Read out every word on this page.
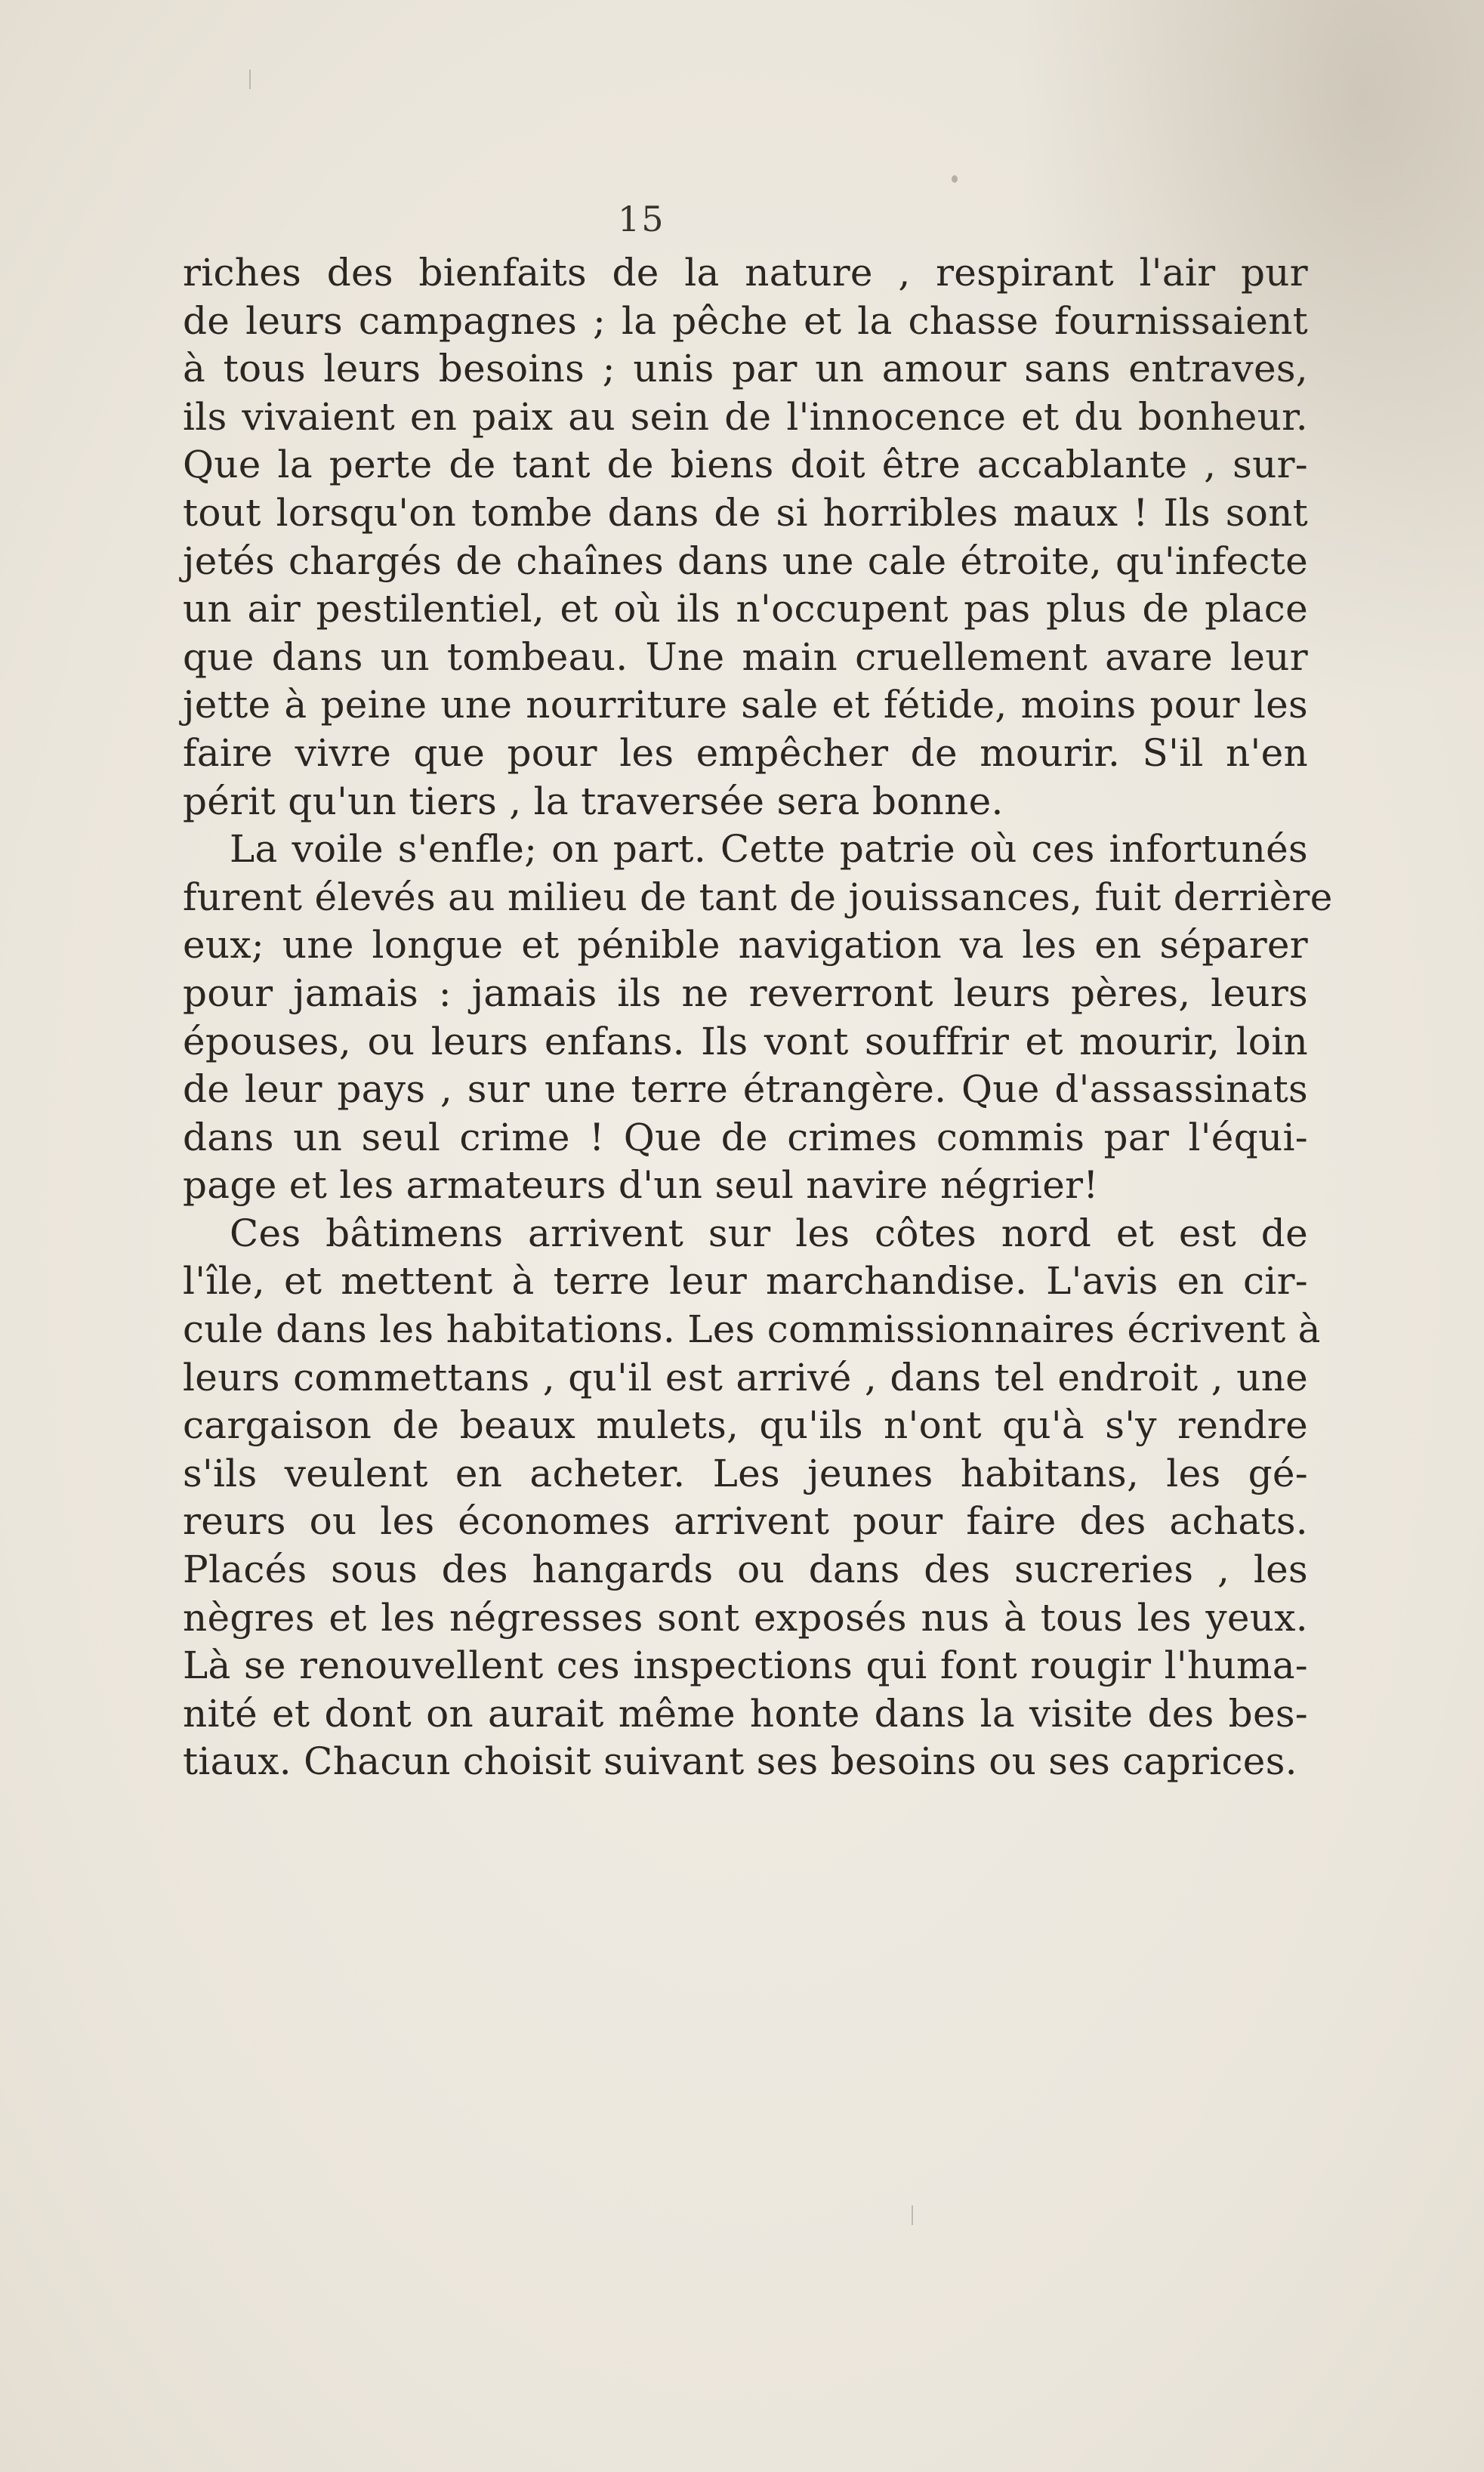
15
riches des bienfaits de la nature , respirant l'air pur
de leurs campagnes ; la pêche et la chasse fournissaient
à tous leurs besoins ; unis par un amour sans entraves,
ils vivaient en paix au sein de l'innocence et du bonheur.
Que la perte de tant de biens doit être accablante , sur-
tout lorsqu'on tombe dans de si horribles maux ! Ils sont
jetés chargés de chaînes dans une cale étroite, qu'infecte
un air pestilentiel, et où ils n'occupent pas plus de place
que dans un tombeau. Une main cruellement avare leur
jette à peine une nourriture sale et fétide, moins pour les
faire vivre que pour les empêcher de mourir. S'il n'en
périt qu'un tiers , la traversée sera bonne.
La voile s'enfle; on part. Cette patrie où ces infortunés
furent élevés au milieu de tant de jouissances, fuit derrière
eux; une longue et pénible navigation va les en séparer
pour jamais : jamais ils ne reverront leurs pères, leurs
épouses, ou leurs enfans. Ils vont souffrir et mourir, loin
de leur pays , sur une terre étrangère. Que d'assassinats
dans un seul crime ! Que de crimes commis par l'équi-
page et les armateurs d'un seul navire négrier!
Ces bâtimens arrivent sur les côtes nord et est de
l'île, et mettent à terre leur marchandise. L'avis en cir-
cule dans les habitations. Les commissionnaires écrivent à
leurs commettans , qu'il est arrivé , dans tel endroit , une
cargaison de beaux mulets, qu'ils n'ont qu'à s'y rendre
s'ils veulent en acheter. Les jeunes habitans, les gé-
reurs ou les économes arrivent pour faire des achats.
Placés sous des hangards ou dans des sucreries , les
nègres et les négresses sont exposés nus à tous les yeux.
Là se renouvellent ces inspections qui font rougir l'huma-
nité et dont on aurait même honte dans la visite des bes-
tiaux. Chacun choisit suivant ses besoins ou ses caprices.
